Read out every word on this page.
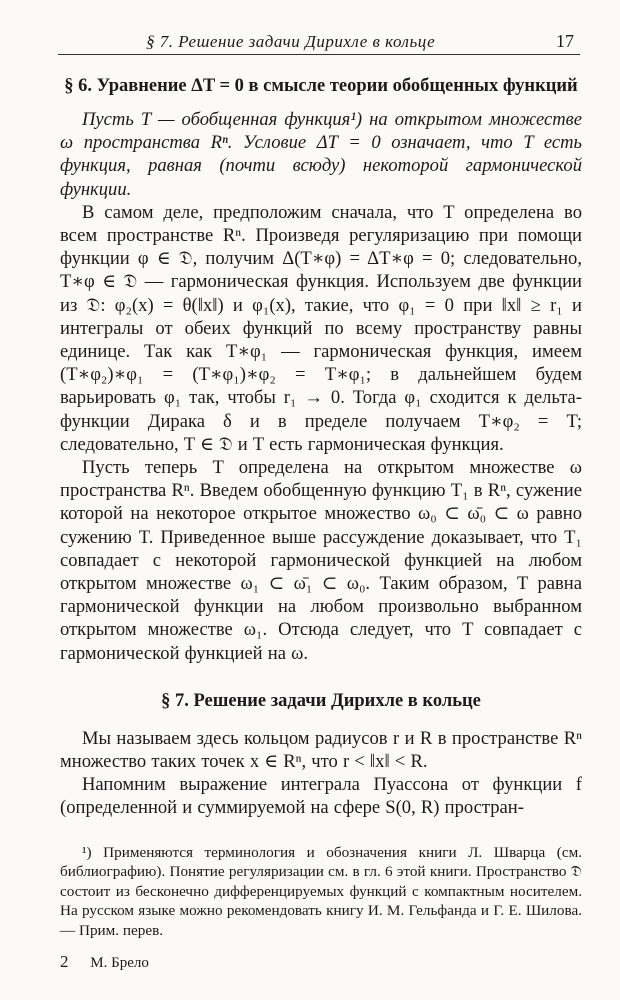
§ 7. Решение задачи Дирихле в кольце	17
§ 6. Уравнение ΔT = 0 в смысле теории обобщенных функций

Пусть T — обобщенная функция¹) на открытом множестве ω пространства Rⁿ. Условие ΔT = 0 означает, что T есть функция, равная (почти всюду) некоторой гармонической функции.

В самом деле, предположим сначала, что T определена во всем пространстве Rⁿ. Произведя регуляризацию при помощи функции φ ∈ 𝔇, получим Δ(T∗φ) = ΔT∗φ = 0; следовательно, T∗φ ∈ 𝔇 — гармоническая функция. Используем две функции из 𝔇: φ₂(x) = θ(‖x‖) и φ₁(x), такие, что φ₁ = 0 при ‖x‖ ≥ r₁ и интегралы от обеих функций по всему пространству равны единице. Так как T∗φ₁ — гармоническая функция, имеем (T∗φ₂)∗φ₁ = (T∗φ₁)∗φ₂ = T∗φ₁; в дальнейшем будем варьировать φ₁ так, чтобы r₁ → 0. Тогда φ₁ сходится к дельта-функции Дирака δ и в пределе получаем T∗φ₂ = T; следовательно, T ∈ 𝔇 и T есть гармоническая функция.

Пусть теперь T определена на открытом множестве ω пространства Rⁿ. Введем обобщенную функцию T₁ в Rⁿ, сужение которой на некоторое открытое множество ω₀ ⊂ ω̄₀ ⊂ ω равно сужению T. Приведенное выше рассуждение доказывает, что T₁ совпадает с некоторой гармонической функцией на любом открытом множестве ω₁ ⊂ ω̄₁ ⊂ ω₀. Таким образом, T равна гармонической функции на любом произвольно выбранном открытом множестве ω₁. Отсюда следует, что T совпадает с гармонической функцией на ω.

§ 7. Решение задачи Дирихле в кольце

Мы называем здесь кольцом радиусов r и R в пространстве Rⁿ множество таких точек x ∈ Rⁿ, что r < ‖x‖ < R.

Напомним выражение интеграла Пуассона от функции f (определенной и суммируемой на сфере S(0, R) простран-

¹) Применяются терминология и обозначения книги Л. Шварца (см. библиографию). Понятие регуляризации см. в гл. 6 этой книги. Пространство 𝔇 состоит из бесконечно дифференцируемых функций с компактным носителем. На русском языке можно рекомендовать книгу И. М. Гельфанда и Г. Е. Шилова. — Прим. перев.
2 М. Брело
